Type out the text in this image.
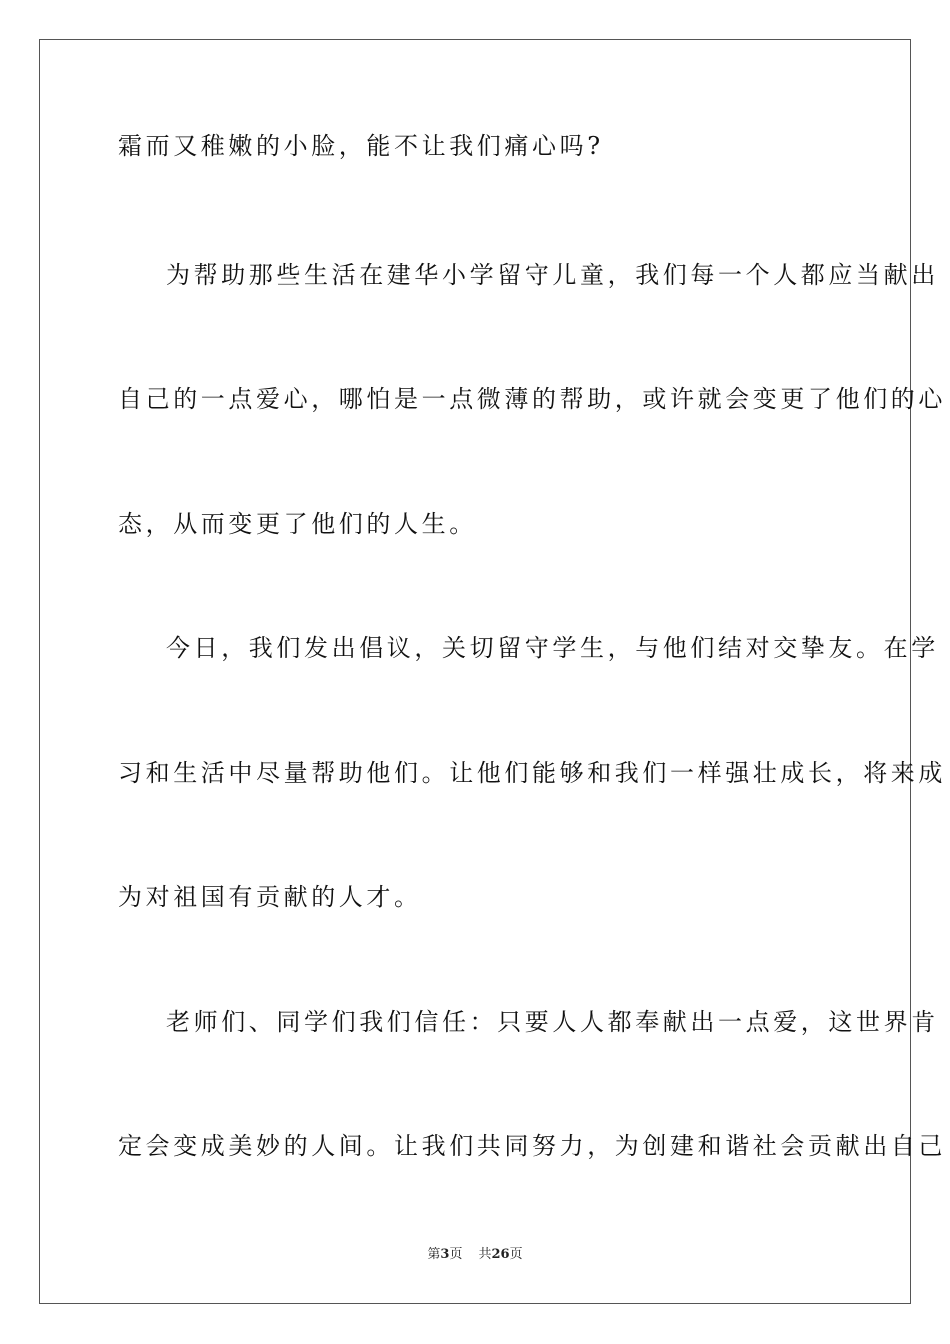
霜而又稚嫩的小脸，能不让我们痛心吗?
为帮助那些生活在建华小学留守儿童，我们每一个人都应当献出
自己的一点爱心，哪怕是一点微薄的帮助，或许就会变更了他们的心
态，从而变更了他们的人生。
今日，我们发出倡议，关切留守学生，与他们结对交挚友。在学
习和生活中尽量帮助他们。让他们能够和我们一样强壮成长，将来成
为对祖国有贡献的人才。
老师们、同学们我们信任：只要人人都奉献出一点爱，这世界肯
定会变成美妙的人间。让我们共同努力，为创建和谐社会贡献出自己
第3页 共26页
